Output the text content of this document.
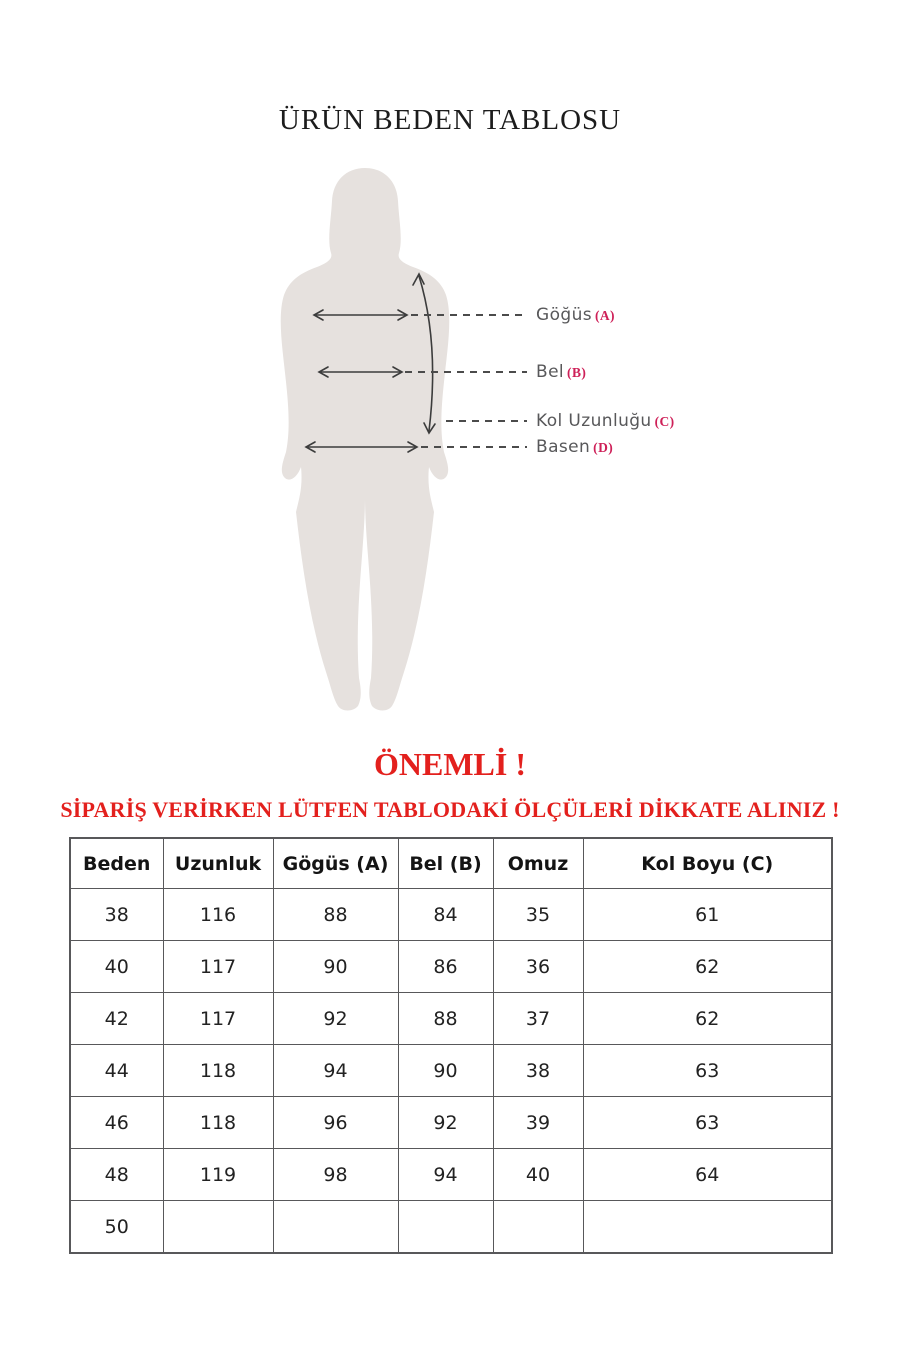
ÜRÜN BEDEN TABLOSU
Göğüs (A)
Bel (B)
Kol Uzunluğu (C)
Basen (D)
ÖNEMLİ !
SİPARİŞ VERİRKEN LÜTFEN TABLODAKİ ÖLÇÜLERİ DİKKATE ALINIZ !
Beden	Uzunluk	Gögüs (A)	Bel (B)	Omuz	Kol Boyu (C)
38	116	88	84	35	61
40	117	90	86	36	62
42	117	92	88	37	62
44	118	94	90	38	63
46	118	96	92	39	63
48	119	98	94	40	64
50					
